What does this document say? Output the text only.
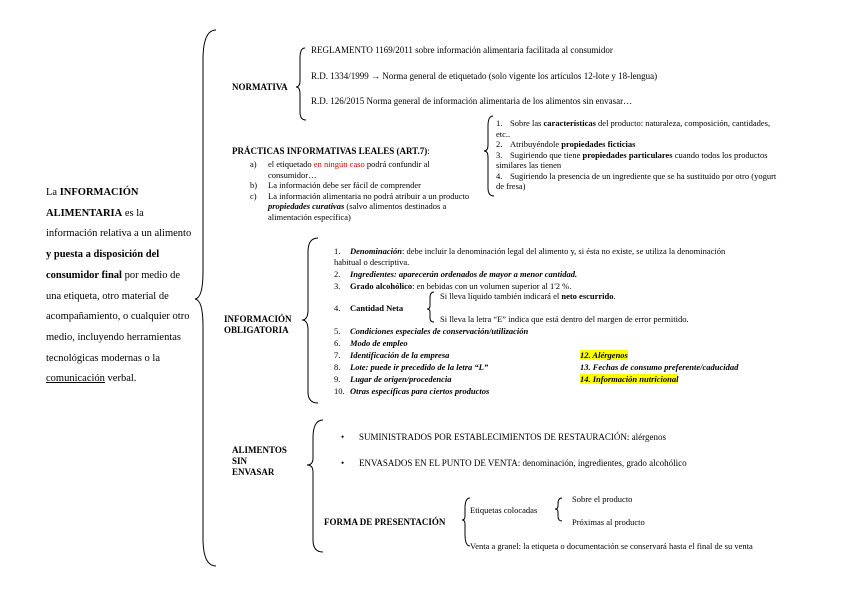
La INFORMACIÓN ALIMENTARIA es la información relativa a un alimento y puesta a disposición del consumidor final por medio de una etiqueta, otro material de acompañamiento, o cualquier otro medio, incluyendo herramientas tecnológicas modernas o la comunicación verbal.
NORMATIVA
REGLAMENTO 1169/2011 sobre información alimentaria facilitada al consumidor
R.D. 1334/1999 → Norma general de etiquetado (solo vigente los artículos 12-lote y 18-lengua)
R.D. 126/2015 Norma general de información alimentaria de los alimentos sin envasar…
PRÁCTICAS INFORMATIVAS LEALES (ART.7):
a)	el etiquetado en ningún caso podrá confundir al consumidor…
b)	La información debe ser fácil de comprender
c)	La información alimentaria no podrá atribuir a un producto propiedades curativas (salvo alimentos destinados a alimentación específica)
1. Sobre las características del producto: naturaleza, composición, cantidades, etc..
2. Atribuyéndole propiedades ficticias
3. Sugiriendo que tiene propiedades particulares cuando todos los productos similares las tienen
4. Sugiriendo la presencia de un ingrediente que se ha sustituido por otro (yogurt de fresa)
INFORMACIÓN
OBLIGATORIA
1. Denominación: debe incluir la denominación legal del alimento y, si ésta no existe, se utiliza la denominación habitual o descriptiva.
2. Ingredientes: aparecerán ordenados de mayor a menor cantidad.
3. Grado alcohólico: en bebidas con un volumen superior al 1'2 %.
4. Cantidad Neta
Si lleva líquido también indicará el neto escurrido.
Si lleva la letra “E” indica que está dentro del margen de error permitido.
5. Condiciones especiales de conservación/utilización
6. Modo de empleo
7. Identificación de la empresa
8. Lote: puede ir precedido de la letra “L”
9. Lugar de origen/procedencia
10. Otras específicas para ciertos productos
12. Alérgenos
13. Fechas de consumo preferente/caducidad
14. Información nutricional
ALIMENTOS
SIN
ENVASAR
• SUMINISTRADOS POR ESTABLECIMIENTOS DE RESTAURACIÓN: alérgenos
• ENVASADOS EN EL PUNTO DE VENTA: denominación, ingredientes, grado alcohólico
FORMA DE PRESENTACIÓN
Etiquetas colocadas
Sobre el producto
Próximas al producto
Venta a granel: la etiqueta o documentación se conservará hasta el final de su venta
